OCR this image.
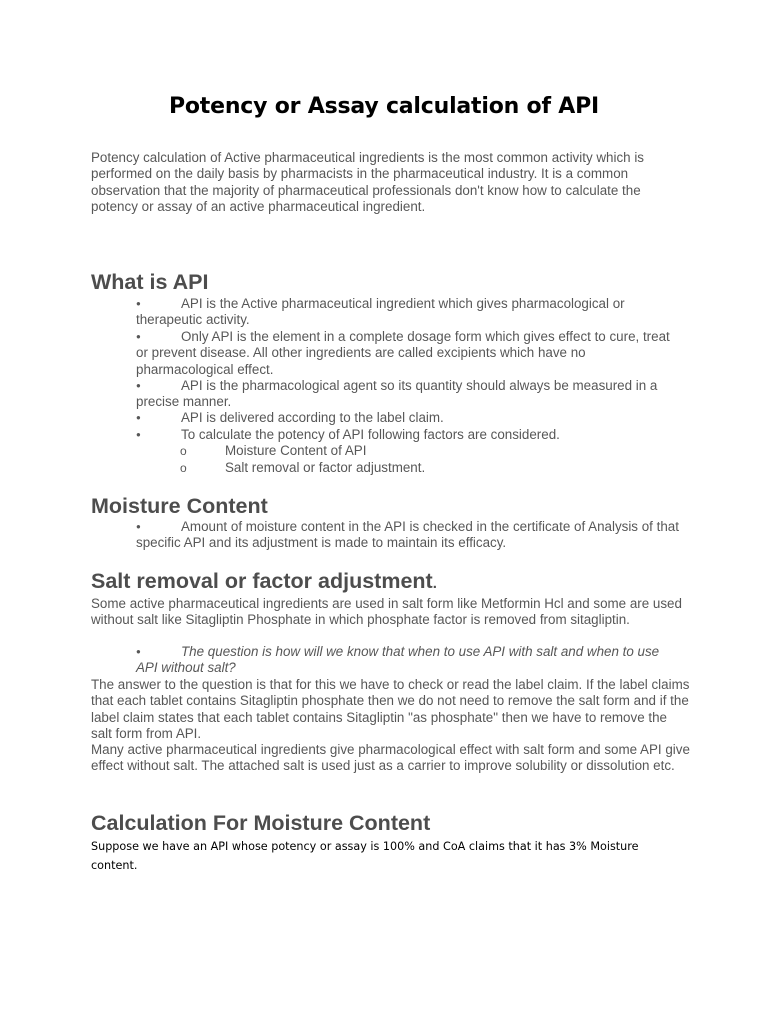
Potency or Assay calculation of API

Potency calculation of Active pharmaceutical ingredients is the most common activity which is performed on the daily basis by pharmacists in the pharmaceutical industry. It is a common observation that the majority of pharmaceutical professionals don't know how to calculate the potency or assay of an active pharmaceutical ingredient.

What is API

●	API is the Active pharmaceutical ingredient which gives pharmacological or therapeutic activity.

●	Only API is the element in a complete dosage form which gives effect to cure, treat or prevent disease. All other ingredients are called excipients which have no pharmacological effect.

●	API is the pharmacological agent so its quantity should always be measured in a precise manner.

●	API is delivered according to the label claim.

●	To calculate the potency of API following factors are considered.

o	Moisture Content of API
o	Salt removal or factor adjustment.
Moisture Content

●	Amount of moisture content in the API is checked in the certificate of Analysis of that specific API and its adjustment is made to maintain its efficacy.

Salt removal or factor adjustment.

Some active pharmaceutical ingredients are used in salt form like Metformin Hcl and some are used without salt like Sitagliptin Phosphate in which phosphate factor is removed from sitagliptin.

●	The question is how will we know that when to use API with salt and when to use API without salt?

The answer to the question is that for this we have to check or read the label claim. If the label claims that each tablet contains Sitagliptin phosphate then we do not need to remove the salt form and if the label claim states that each tablet contains Sitagliptin "as phosphate" then we have to remove the salt form from API.

Many active pharmaceutical ingredients give pharmacological effect with salt form and some API give effect without salt. The attached salt is used just as a carrier to improve solubility or dissolution etc.

Calculation For Moisture Content

Suppose we have an API whose potency or assay is 100% and CoA claims that it has 3% Moisture content.
